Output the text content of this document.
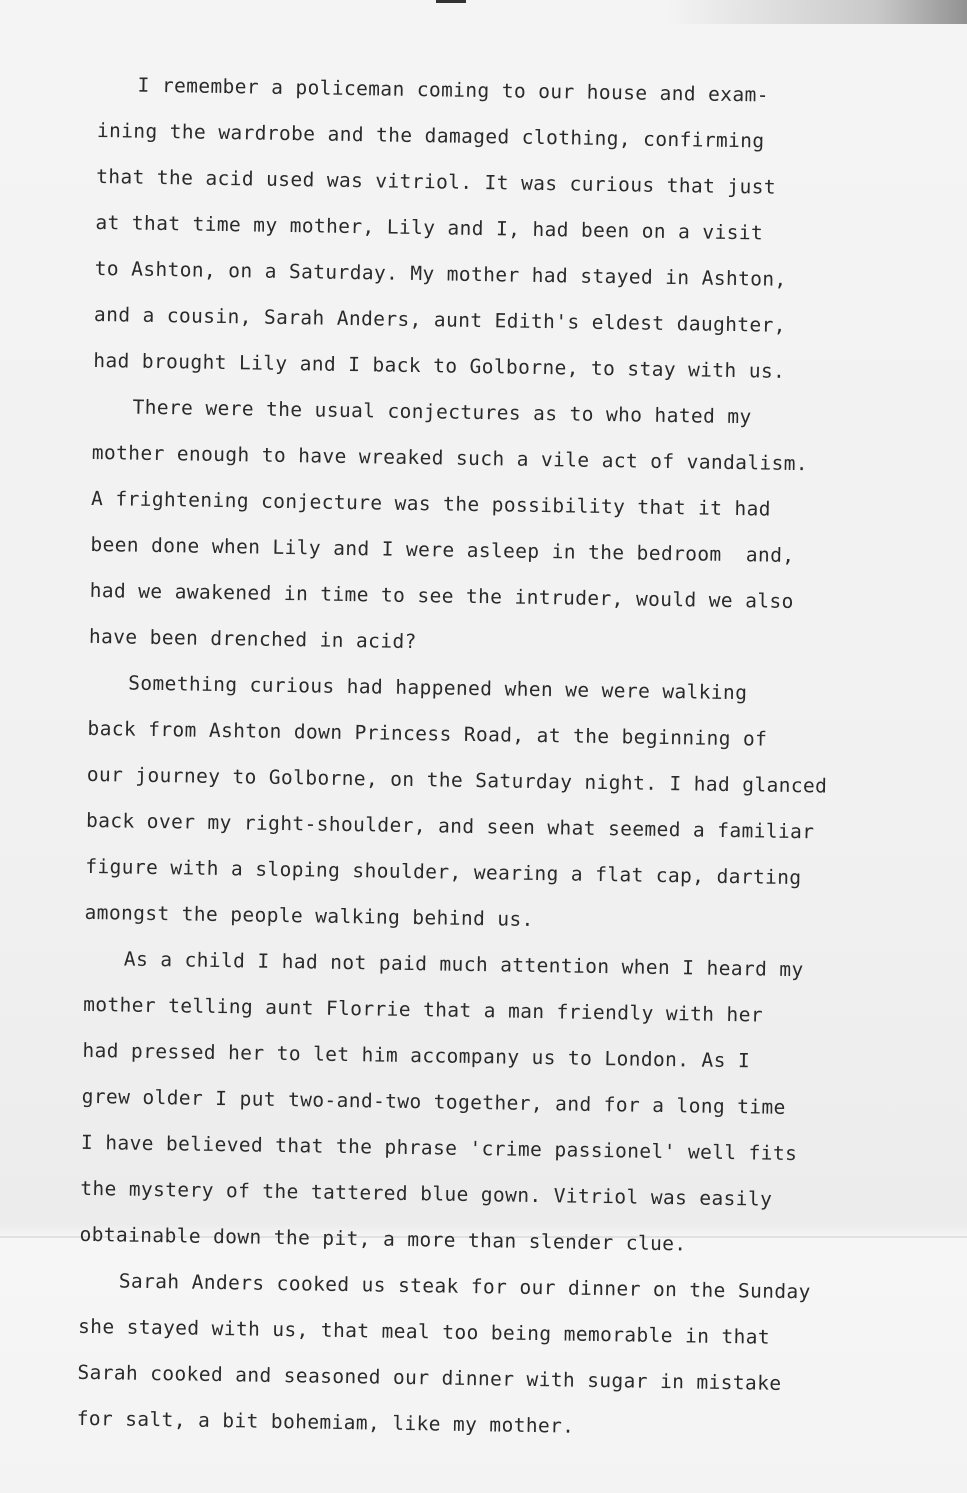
I remember a policeman coming to our house and exam-
ining the wardrobe and the damaged clothing, confirming
that the acid used was vitriol. It was curious that just
at that time my mother, Lily and I, had been on a visit
to Ashton, on a Saturday. My mother had stayed in Ashton,
and a cousin, Sarah Anders, aunt Edith's eldest daughter,
had brought Lily and I back to Golborne, to stay with us.
There were the usual conjectures as to who hated my
mother enough to have wreaked such a vile act of vandalism.
A frightening conjecture was the possibility that it had
been done when Lily and I were asleep in the bedroom  and,
had we awakened in time to see the intruder, would we also
have been drenched in acid?
Something curious had happened when we were walking
back from Ashton down Princess Road, at the beginning of
our journey to Golborne, on the Saturday night. I had glanced
back over my right-shoulder, and seen what seemed a familiar
figure with a sloping shoulder, wearing a flat cap, darting
amongst the people walking behind us.
As a child I had not paid much attention when I heard my
mother telling aunt Florrie that a man friendly with her
had pressed her to let him accompany us to London. As I
grew older I put two-and-two together, and for a long time
I have believed that the phrase 'crime passionel' well fits
the mystery of the tattered blue gown. Vitriol was easily
obtainable down the pit, a more than slender clue.
Sarah Anders cooked us steak for our dinner on the Sunday
she stayed with us, that meal too being memorable in that
Sarah cooked and seasoned our dinner with sugar in mistake
for salt, a bit bohemiam, like my mother.
